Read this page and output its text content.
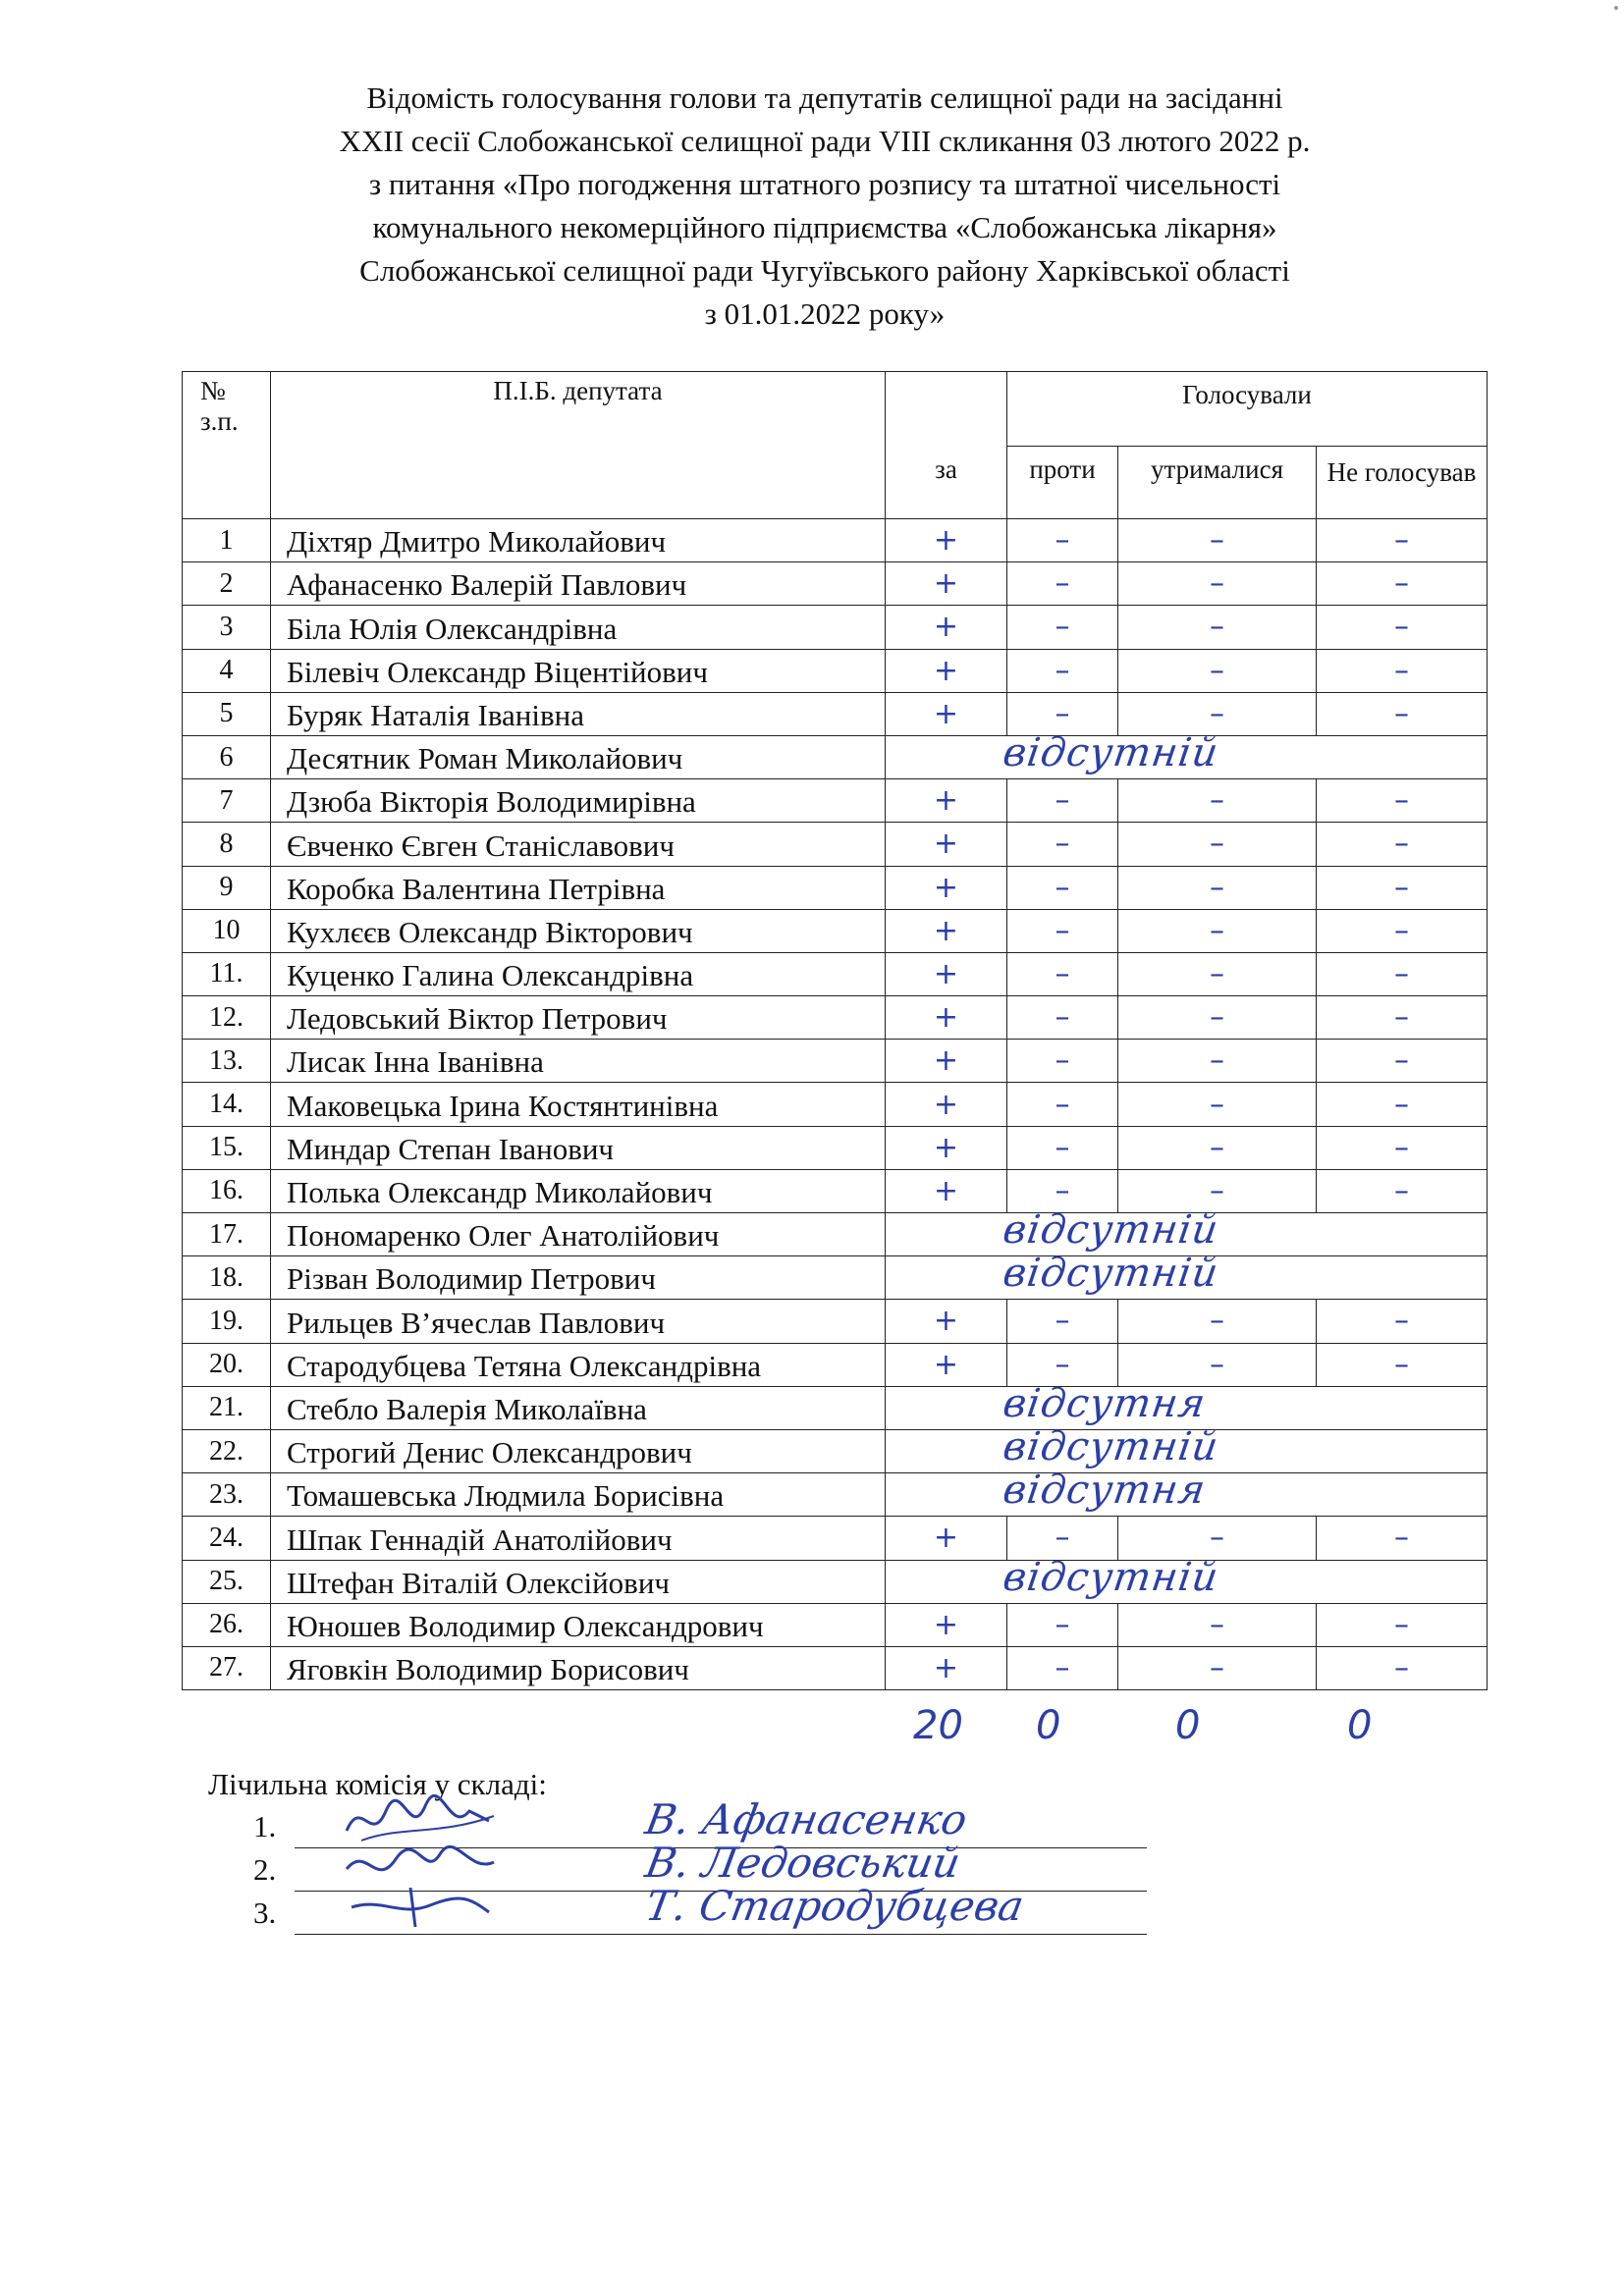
Відомість голосування голови та депутатів селищної ради на засіданні
XXII сесії Слобожанської селищної ради VIII скликання 03 лютого 2022 р.
з питання «Про погодження штатного розпису та штатної чисельності
комунального некомерційного підприємства «Слобожанська лікарня»
Слобожанської селищної ради Чугуївського району Харківської області
з 01.01.2022 року»
№ з.п.	П.І.Б. депутата		Голосували		
		за	проти	утрималися	Не голосував
1	Діхтяр Дмитро Миколайович	+	–	–	–
2	Афанасенко Валерій Павлович	+	–	–	–
3	Біла Юлія Олександрівна	+	–	–	–
4	Білевіч Олександр Віцентійович	+	–	–	–
5	Буряк Наталія Іванівна	+	–	–	–
6	Десятник Роман Миколайович	відсутній			

7	Дзюба Вікторія Володимирівна	+	–	–	–
8	Євченко Євген Станіславович	+	–	–	–
9	Коробка Валентина Петрівна	+	–	–	–
10	Кухлєєв Олександр Вікторович	+	–	–	–
11.	Куценко Галина Олександрівна	+	–	–	–
12.	Ледовський Віктор Петрович	+	–	–	–
13.	Лисак Інна Іванівна	+	–	–	–
14.	Маковецька Ірина Костянтинівна	+	–	–	–
15.	Миндар Степан Іванович	+	–	–	–
16.	Полька Олександр Миколайович	+	–	–	–
17.	Пономаренко Олег Анатолійович	відсутній			

18.	Різван Володимир Петрович	відсутній			

19.	Рильцев В’ячеслав Павлович	+	–	–	–
20.	Стародубцева Тетяна Олександрівна	+	–	–	–
21.	Стебло Валерія Миколаївна	відсутня			

22.	Строгий Денис Олександрович	відсутній			

23.	Томашевська Людмила Борисівна	відсутня			

24.	Шпак Геннадій Анатолійович	+	–	–	–
25.	Штефан Віталій Олексійович	відсутній			

26.	Юношев Володимир Олександрович	+	–	–	–
27.	Яговкін Володимир Борисович	+	–	–	–
20 0	0	0
Лічильна комісія у складі:
1.	В. Афанасенко
2.	В. Ледовський
3.	Т. Стародубцева
